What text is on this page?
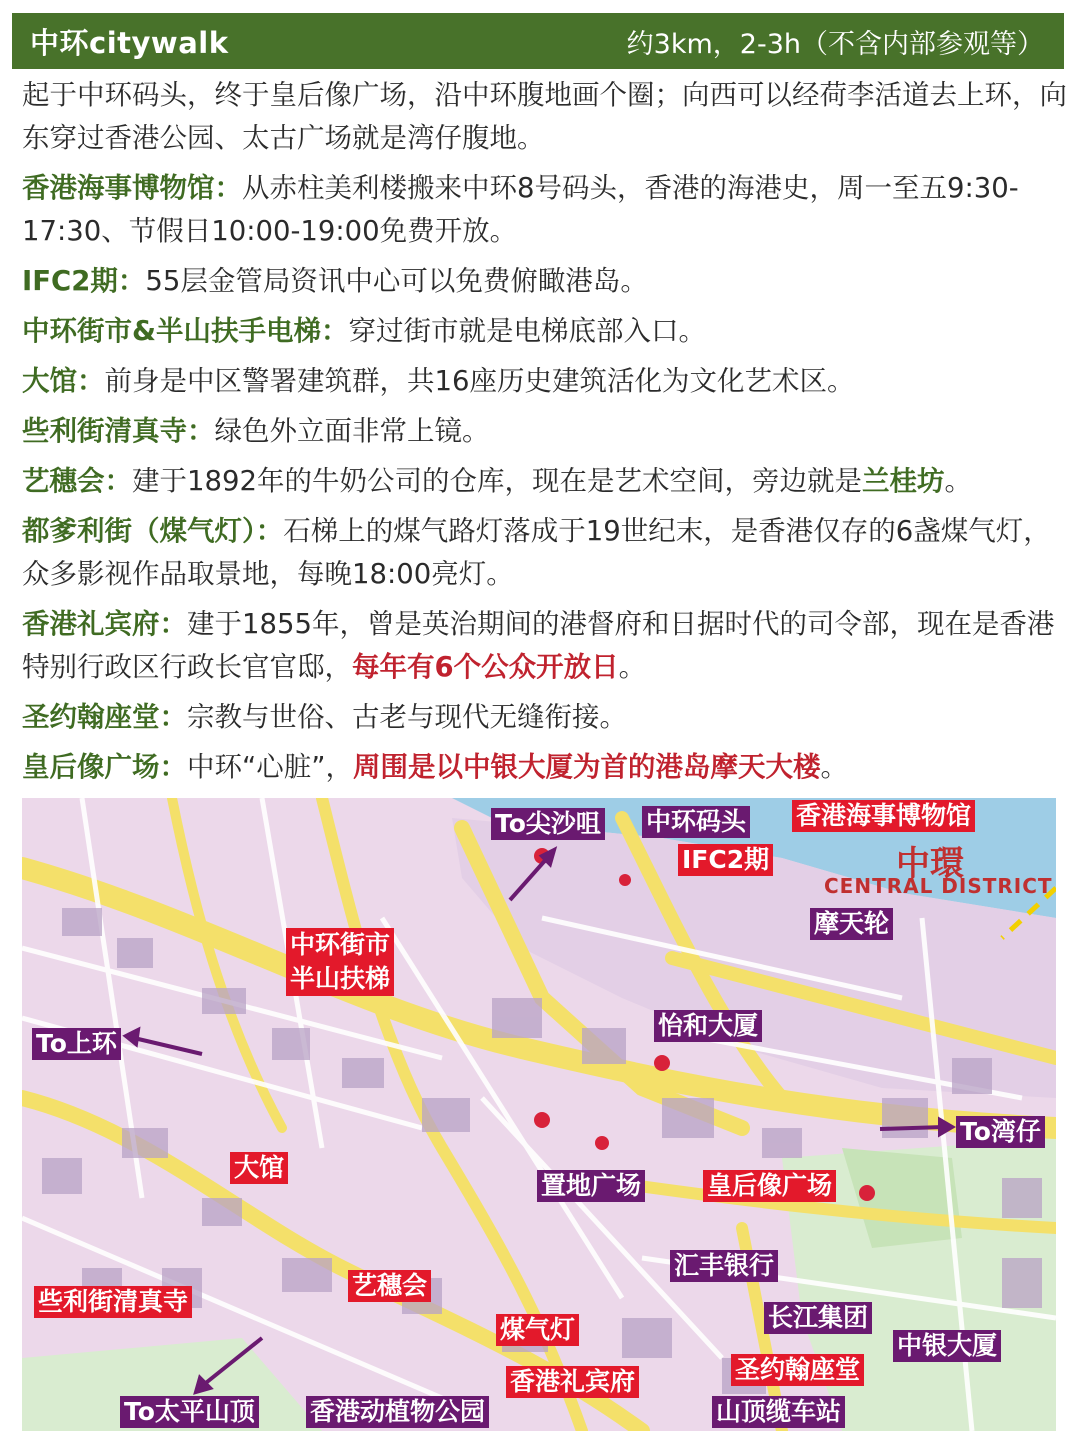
中环citywalk	约3km，2-3h（不含内部参观等）

起于中环码头，终于皇后像广场，沿中环腹地画个圈；向西可以经荷李活道去上环，向东穿过香港公园、太古广场就是湾仔腹地。

香港海事博物馆：从赤柱美利楼搬来中环8号码头，香港的海港史，周一至五9:30-17:30、节假日10:00-19:00免费开放。

IFC2期：55层金管局资讯中心可以免费俯瞰港岛。

中环街市&半山扶手电梯：穿过街市就是电梯底部入口。

大馆：前身是中区警署建筑群，共16座历史建筑活化为文化艺术区。

些利街清真寺：绿色外立面非常上镜。

艺穗会：建于1892年的牛奶公司的仓库，现在是艺术空间，旁边就是兰桂坊。

都爹利街（煤气灯）：石梯上的煤气路灯落成于19世纪末，是香港仅存的6盏煤气灯，众多影视作品取景地，每晚18:00亮灯。

香港礼宾府：建于1855年，曾是英治期间的港督府和日据时代的司令部，现在是香港特别行政区行政长官官邸，每年有6个公众开放日。

圣约翰座堂：宗教与世俗、古老与现代无缝衔接。

皇后像广场：中环“心脏”，周围是以中银大厦为首的港岛摩天大楼。

中環
CENTRAL DISTRICT
To尖沙咀 中环码头 香港海事博物馆
IFC2期
摩天轮
中环街市
半山扶梯
To上环
怡和大厦
To湾仔
大馆
置地广场	皇后像广场
汇丰银行
些利街清真寺
艺穗会
长江集团
煤气灯
中银大厦
香港礼宾府	圣约翰座堂
To太平山顶 香港动植物公园	山顶缆车站
